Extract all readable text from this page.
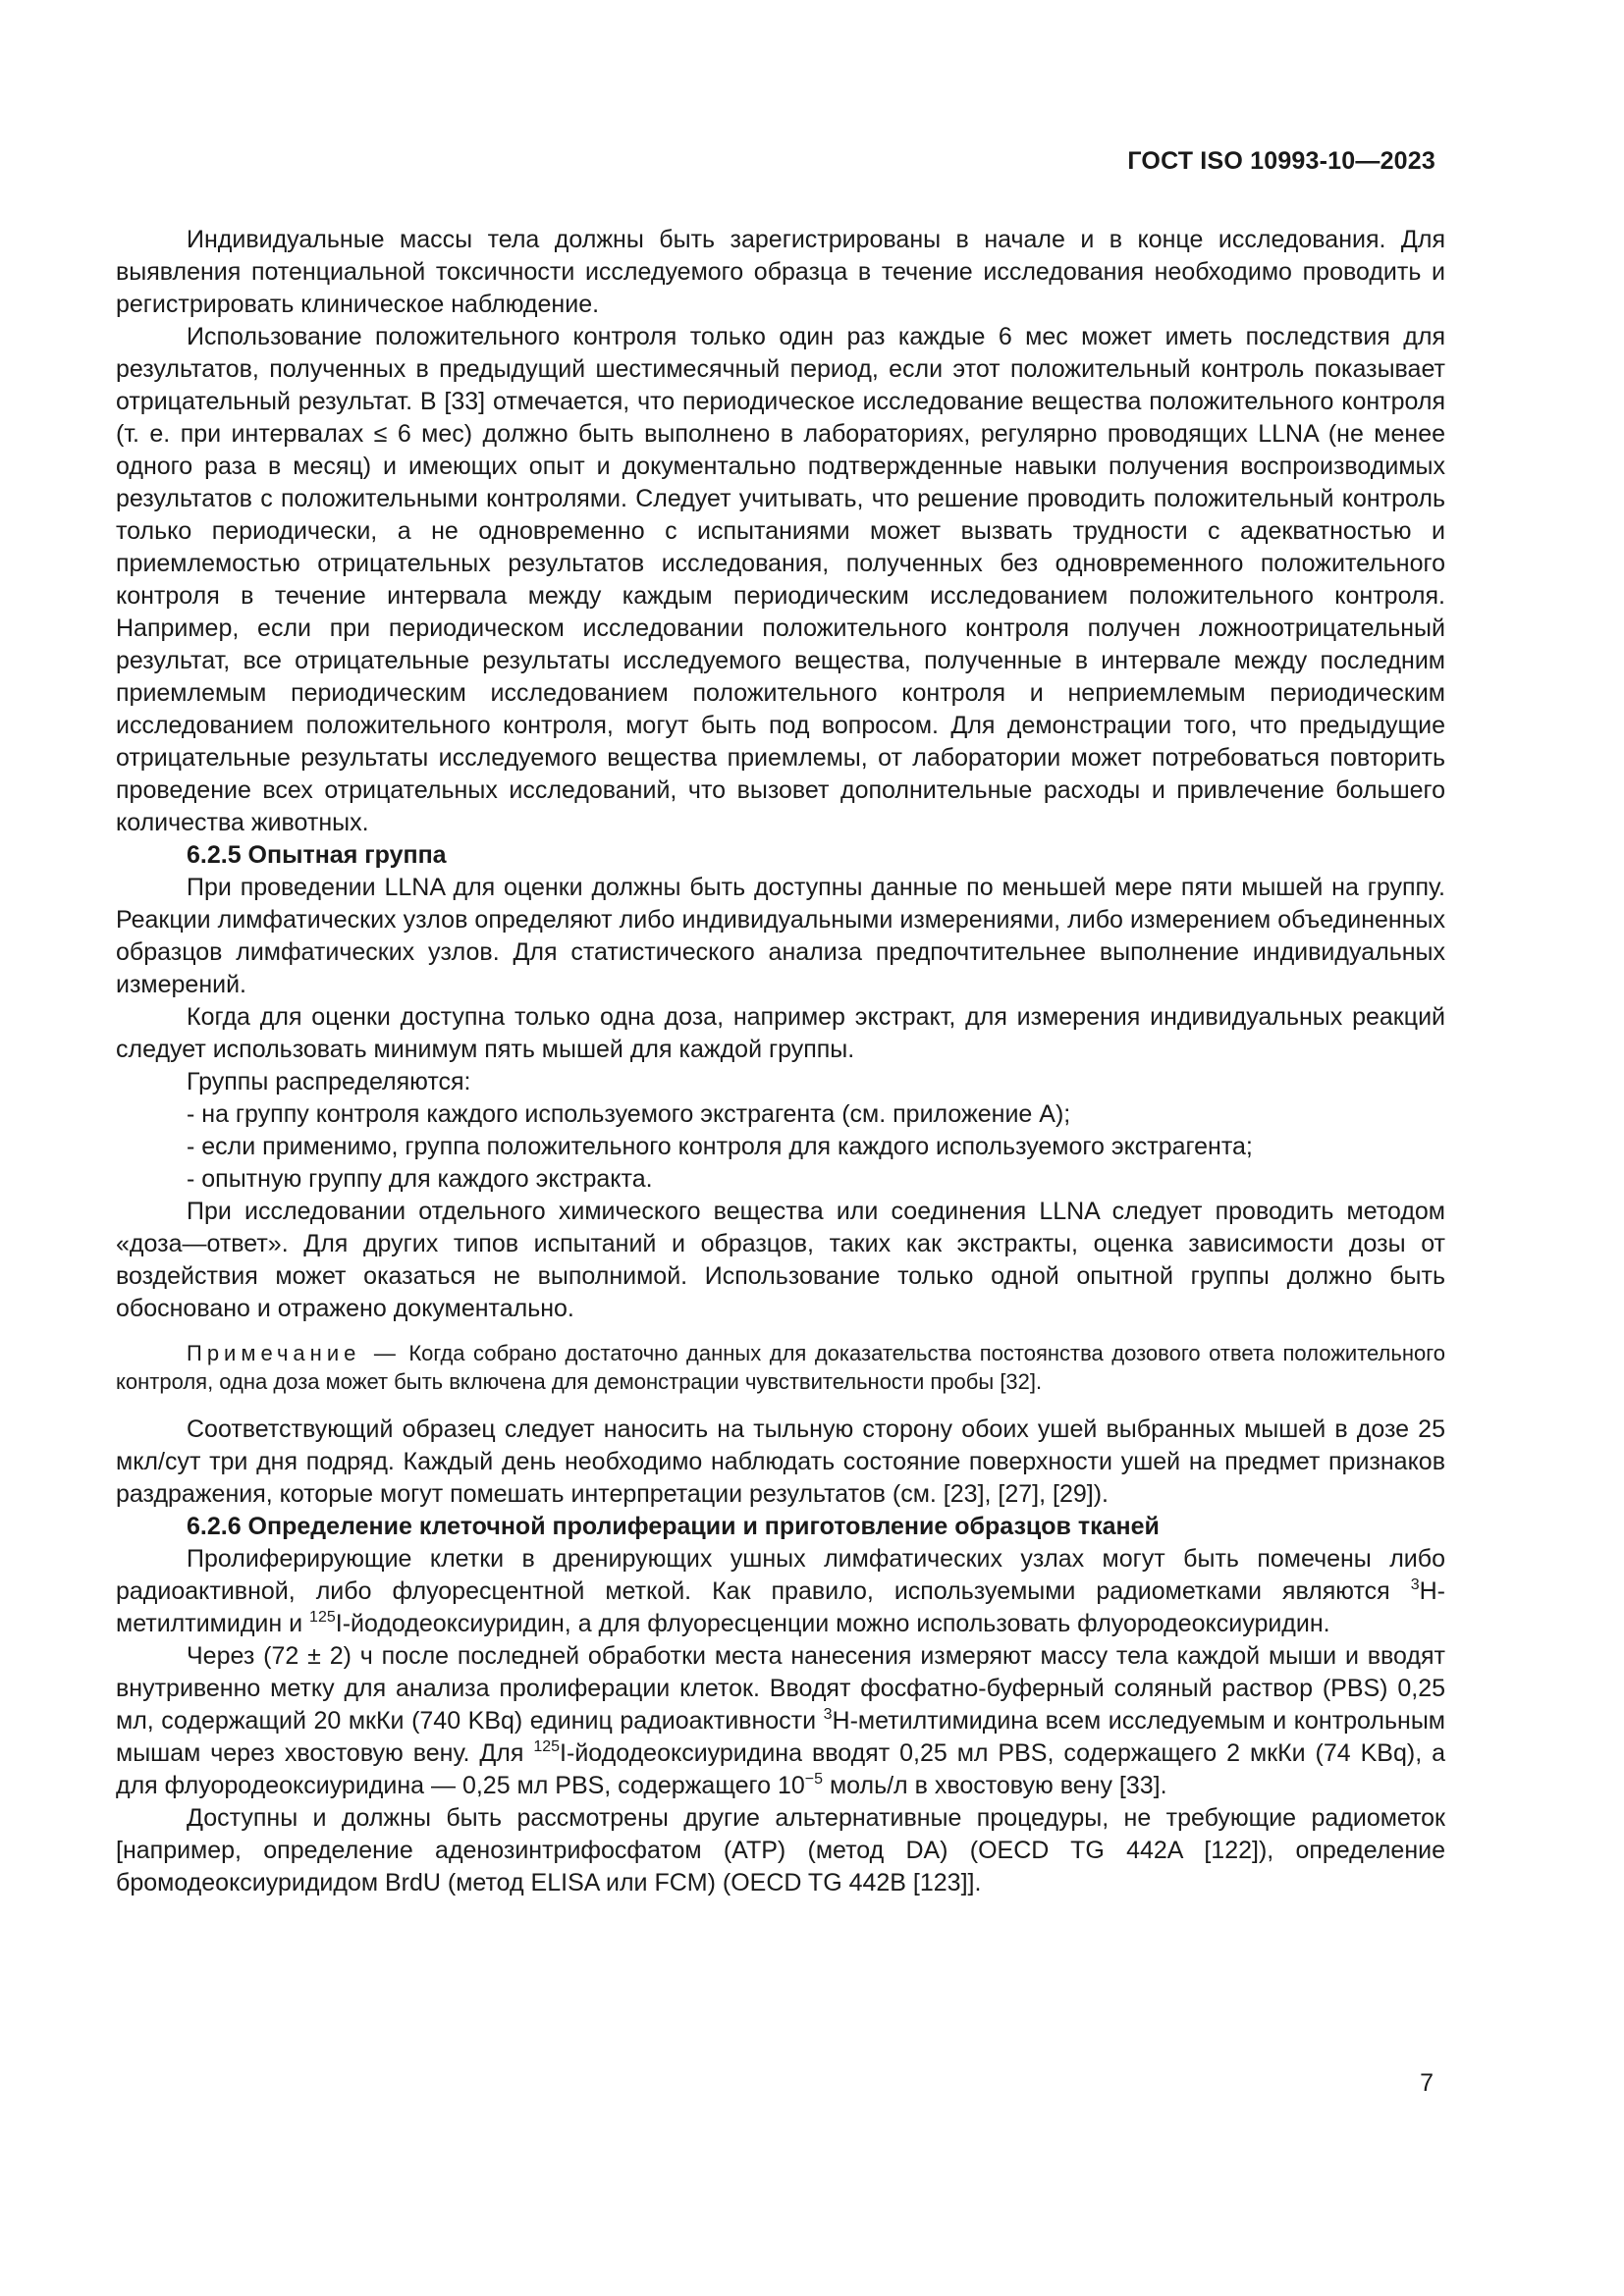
ГОСТ ISO 10993-10—2023

Индивидуальные массы тела должны быть зарегистрированы в начале и в конце исследования. Для выявления потенциальной токсичности исследуемого образца в течение исследования необходимо проводить и регистрировать клиническое наблюдение.

Использование положительного контроля только один раз каждые 6 мес может иметь последствия для результатов, полученных в предыдущий шестимесячный период, если этот положительный контроль показывает отрицательный результат. В [33] отмечается, что периодическое исследование вещества положительного контроля (т. е. при интервалах ≤ 6 мес) должно быть выполнено в лабораториях, регулярно проводящих LLNA (не менее одного раза в месяц) и имеющих опыт и документально подтвержденные навыки получения воспроизводимых результатов с положительными контролями. Следует учитывать, что решение проводить положительный контроль только периодически, а не одновременно с испытаниями может вызвать трудности с адекватностью и приемлемостью отрицательных результатов исследования, полученных без одновременного положительного контроля в течение интервала между каждым периодическим исследованием положительного контроля. Например, если при периодическом исследовании положительного контроля получен ложноотрицательный результат, все отрицательные результаты исследуемого вещества, полученные в интервале между последним приемлемым периодическим исследованием положительного контроля и неприемлемым периодическим исследованием положительного контроля, могут быть под вопросом. Для демонстрации того, что предыдущие отрицательные результаты исследуемого вещества приемлемы, от лаборатории может потребоваться повторить проведение всех отрицательных исследований, что вызовет дополнительные расходы и привлечение большего количества животных.

6.2.5 Опытная группа

При проведении LLNA для оценки должны быть доступны данные по меньшей мере пяти мышей на группу. Реакции лимфатических узлов определяют либо индивидуальными измерениями, либо измерением объединенных образцов лимфатических узлов. Для статистического анализа предпочтительнее выполнение индивидуальных измерений.

Когда для оценки доступна только одна доза, например экстракт, для измерения индивидуальных реакций следует использовать минимум пять мышей для каждой группы.

Группы распределяются:

- на группу контроля каждого используемого экстрагента (см. приложение А);

- если применимо, группа положительного контроля для каждого используемого экстрагента;

- опытную группу для каждого экстракта.

При исследовании отдельного химического вещества или соединения LLNA следует проводить методом «доза—ответ». Для других типов испытаний и образцов, таких как экстракты, оценка зависимости дозы от воздействия может оказаться не выполнимой. Использование только одной опытной группы должно быть обосновано и отражено документально.

Примечание — Когда собрано достаточно данных для доказательства постоянства дозового ответа положительного контроля, одна доза может быть включена для демонстрации чувствительности пробы [32].

Соответствующий образец следует наносить на тыльную сторону обоих ушей выбранных мышей в дозе 25 мкл/сут три дня подряд. Каждый день необходимо наблюдать состояние поверхности ушей на предмет признаков раздражения, которые могут помешать интерпретации результатов (см. [23], [27], [29]).

6.2.6 Определение клеточной пролиферации и приготовление образцов тканей

Пролиферирующие клетки в дренирующих ушных лимфатических узлах могут быть помечены либо радиоактивной, либо флуоресцентной меткой. Как правило, используемыми радиометками являются $^3$H-метилтимидин и $^{125}$I-йододеоксиуридин, а для флуоресценции можно использовать флуородеоксиуридин.

Через (72 ± 2) ч после последней обработки места нанесения измеряют массу тела каждой мыши и вводят внутривенно метку для анализа пролиферации клеток. Вводят фосфатно-буферный соляный раствор (PBS) 0,25 мл, содержащий 20 мкКи (740 KBq) единиц радиоактивности $^3$H-метилтимидина всем исследуемым и контрольным мышам через хвостовую вену. Для $^{125}$I-йододеоксиуридина вводят 0,25 мл PBS, содержащего 2 мкКи (74 KBq), а для флуородеоксиуридина — 0,25 мл PBS, содержащего $10^{-5}$ моль/л в хвостовую вену [33].

Доступны и должны быть рассмотрены другие альтернативные процедуры, не требующие радиометок [например, определение аденозинтрифосфатом (ATP) (метод DA) (OECD TG 442A [122]), определение бромодеоксиуридидом BrdU (метод ELISA или FCM) (OECD TG 442B [123]].

7
